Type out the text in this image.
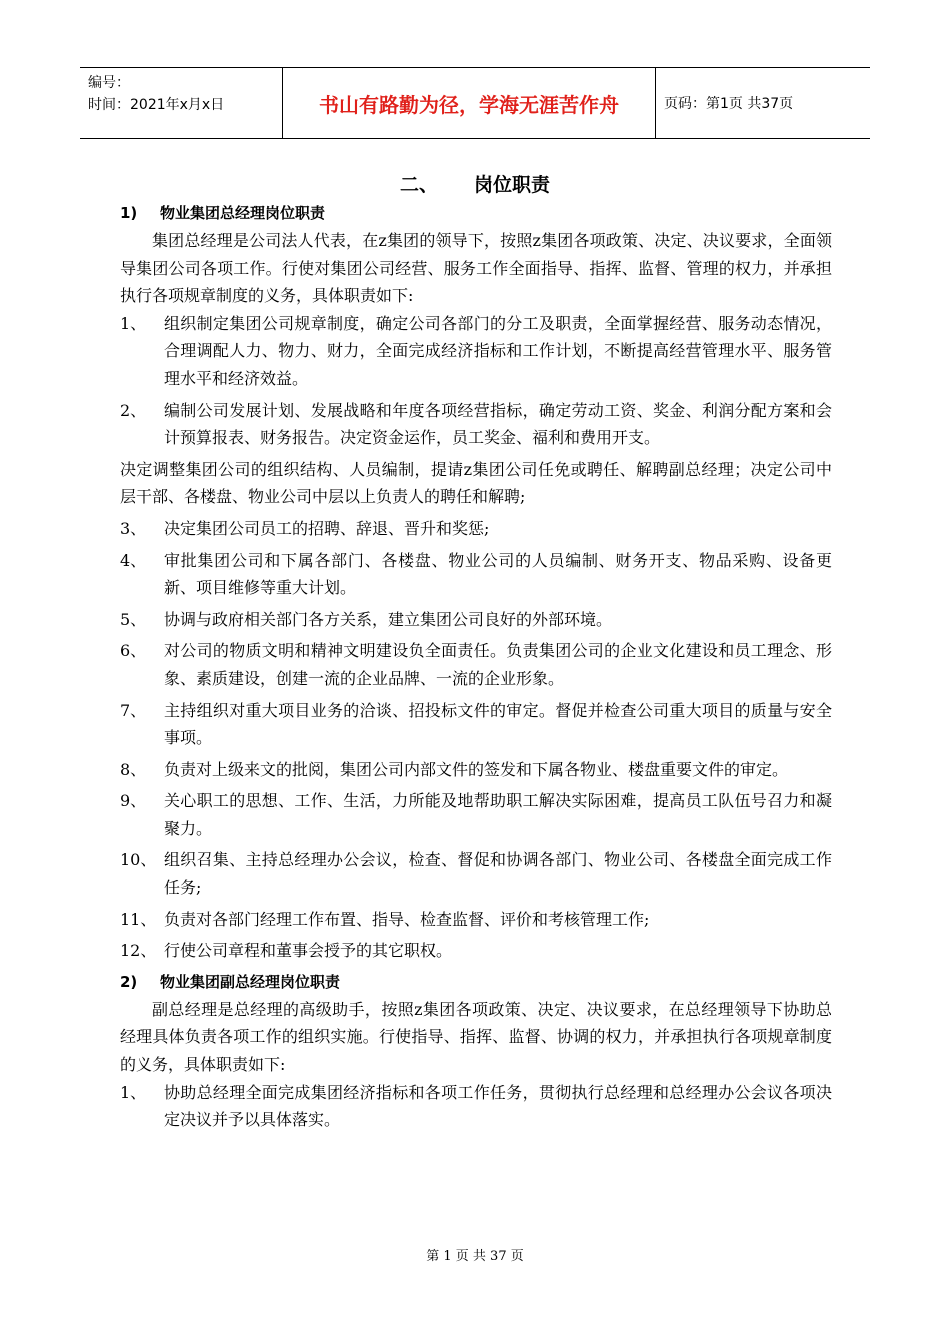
编号：
时间：2021年x月x日	书山有路勤为径，学海无涯苦作舟	页码：第1页 共37页
二、 岗位职责
1) 物业集团总经理岗位职责

集团总经理是公司法人代表，在z集团的领导下，按照z集团各项政策、决定、决议要求，全面领导集团公司各项工作。行使对集团公司经营、服务工作全面指导、指挥、监督、管理的权力，并承担执行各项规章制度的义务，具体职责如下:

1、	组织制定集团公司规章制度，确定公司各部门的分工及职责，全面掌握经营、服务动态情况，合理调配人力、物力、财力，全面完成经济指标和工作计划，不断提高经营管理水平、服务管理水平和经济效益。
2、	编制公司发展计划、发展战略和年度各项经营指标，确定劳动工资、奖金、利润分配方案和会计预算报表、财务报告。决定资金运作，员工奖金、福利和费用开支。

决定调整集团公司的组织结构、人员编制，提请z集团公司任免或聘任、解聘副总经理；决定公司中层干部、各楼盘、物业公司中层以上负责人的聘任和解聘;

3、	决定集团公司员工的招聘、辞退、晋升和奖惩;
4、	审批集团公司和下属各部门、各楼盘、物业公司的人员编制、财务开支、物品采购、设备更新、项目维修等重大计划。
5、	协调与政府相关部门各方关系，建立集团公司良好的外部环境。
6、	对公司的物质文明和精神文明建设负全面责任。负责集团公司的企业文化建设和员工理念、形象、素质建设，创建一流的企业品牌、一流的企业形象。
7、	主持组织对重大项目业务的洽谈、招投标文件的审定。督促并检查公司重大项目的质量与安全事项。
8、	负责对上级来文的批阅，集团公司内部文件的签发和下属各物业、楼盘重要文件的审定。
9、	关心职工的思想、工作、生活，力所能及地帮助职工解决实际困难，提高员工队伍号召力和凝聚力。
10、 组织召集、主持总经理办公会议，检查、督促和协调各部门、物业公司、各楼盘全面完成工作任务;
11、 负责对各部门经理工作布置、指导、检查监督、评价和考核管理工作;
12、 行使公司章程和董事会授予的其它职权。
2) 物业集团副总经理岗位职责

副总经理是总经理的高级助手，按照z集团各项政策、决定、决议要求，在总经理领导下协助总经理具体负责各项工作的组织实施。行使指导、指挥、监督、协调的权力，并承担执行各项规章制度的义务，具体职责如下:

1、	协助总经理全面完成集团经济指标和各项工作任务，贯彻执行总经理和总经理办公会议各项决定决议并予以具体落实。
第 1 页 共 37 页
